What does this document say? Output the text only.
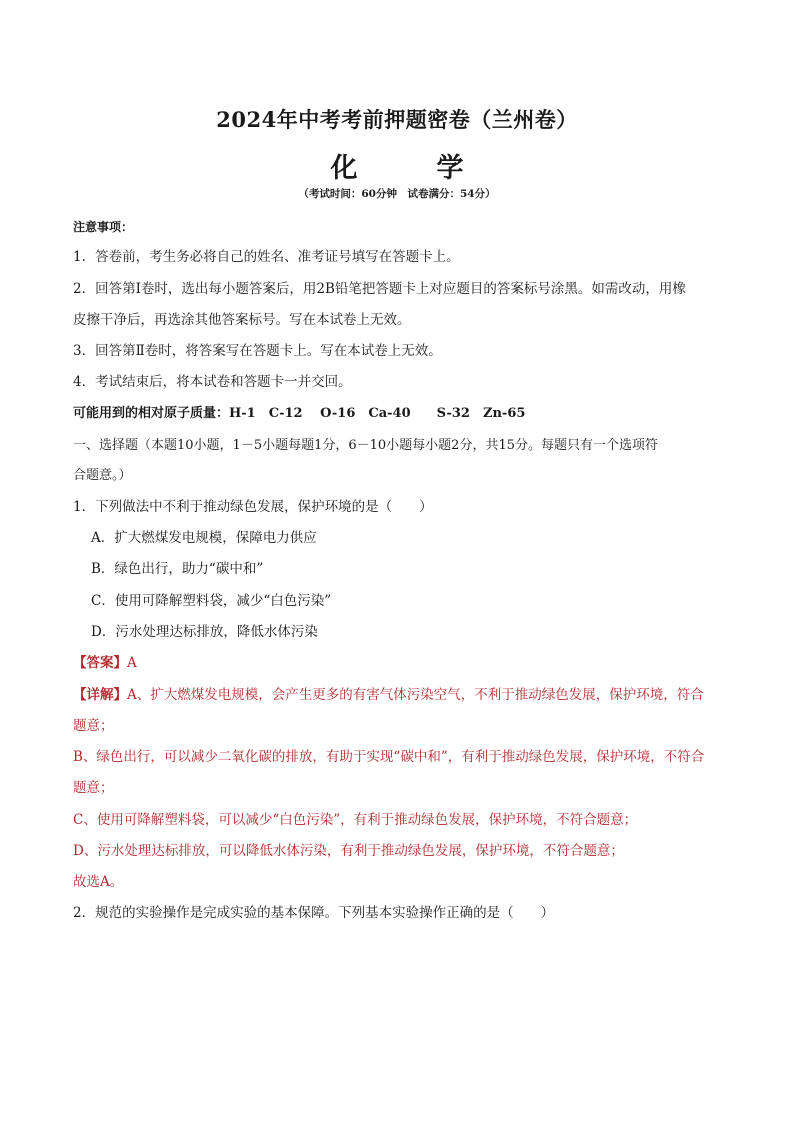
2024年中考考前押题密卷（兰州卷）
化　学
（考试时间：60分钟　试卷满分：54分）
注意事项：
1．答卷前，考生务必将自己的姓名、准考证号填写在答题卡上。
2．回答第Ⅰ卷时，选出每小题答案后，用2B铅笔把答题卡上对应题目的答案标号涂黑。如需改动，用橡
皮擦干净后，再选涂其他答案标号。写在本试卷上无效。
3．回答第Ⅱ卷时，将答案写在答题卡上。写在本试卷上无效。
4．考试结束后，将本试卷和答题卡一并交回。
可能用到的相对原子质量：H-1　C-12　 O-16　Ca-40　　S-32　Zn-65
一、选择题（本题10小题，1－5小题每题1分，6－10小题每小题2分，共15分。每题只有一个选项符
合题意。）
1．下列做法中不利于推动绿色发展，保护环境的是（　　）
A．扩大燃煤发电规模，保障电力供应
B．绿色出行，助力“碳中和”
C．使用可降解塑料袋，减少“白色污染”
D．污水处理达标排放，降低水体污染
【答案】A
【详解】A、扩大燃煤发电规模，会产生更多的有害气体污染空气，不利于推动绿色发展，保护环境，符合
题意；
B、绿色出行，可以减少二氧化碳的排放，有助于实现“碳中和”，有利于推动绿色发展，保护环境，不符合
题意；
C、使用可降解塑料袋，可以减少“白色污染”，有利于推动绿色发展，保护环境，不符合题意；
D、污水处理达标排放，可以降低水体污染，有利于推动绿色发展，保护环境，不符合题意；
故选A。
2．规范的实验操作是完成实验的基本保障。下列基本实验操作正确的是（　　）
